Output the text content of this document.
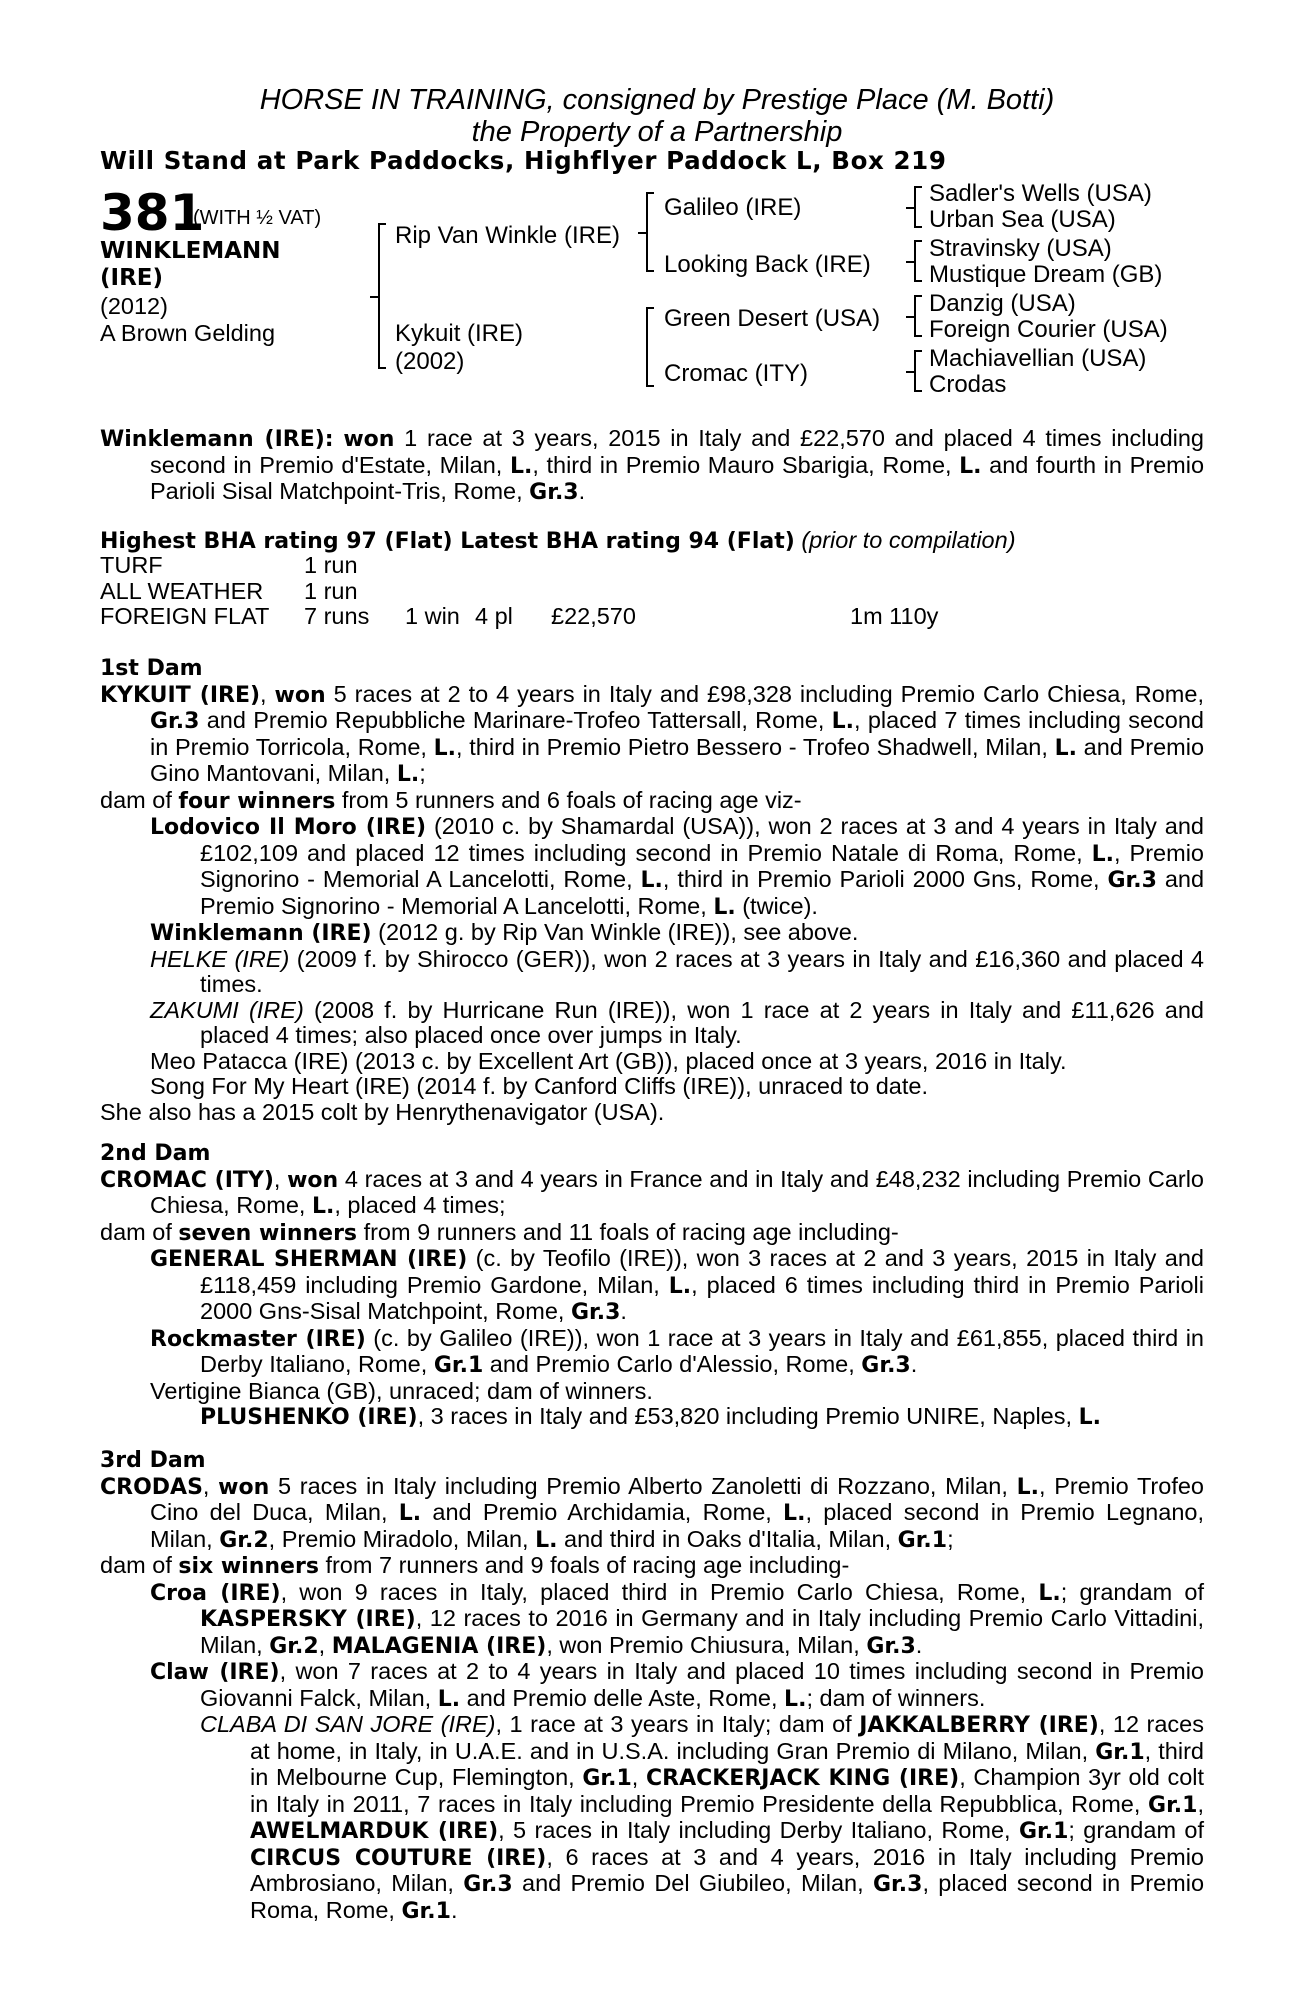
HORSE IN TRAINING, consigned by Prestige Place (M. Botti)
the Property of a Partnership
Will Stand at Park Paddocks, Highflyer Paddock L, Box 219
381
(WITH ½ VAT)
WINKLEMANN
(IRE)
(2012)
A Brown Gelding
Rip Van Winkle (IRE)
Kykuit (IRE)
(2002)
Galileo (IRE)
Looking Back (IRE)
Green Desert (USA)
Cromac (ITY)
Sadler's Wells (USA)
Urban Sea (USA)
Stravinsky (USA)
Mustique Dream (GB)
Danzig (USA)
Foreign Courier (USA)
Machiavellian (USA)
Crodas

Winklemann (IRE): won 1 race at 3 years, 2015 in Italy and £22,570 and placed 4 times including second in Premio d'Estate, Milan, L., third in Premio Mauro Sbarigia, Rome, L. and fourth in Premio Parioli Sisal Matchpoint-Tris, Rome, Gr.3.

Highest BHA rating 97 (Flat) Latest BHA rating 94 (Flat) (prior to compilation)
TURF	1 run				
ALL WEATHER	1 run				
FOREIGN FLAT	7 runs	1 win	4 pl	£22,570	1m 110y

1st Dam

KYKUIT (IRE), won 5 races at 2 to 4 years in Italy and £98,328 including Premio Carlo Chiesa, Rome, Gr.3 and Premio Repubbliche Marinare-Trofeo Tattersall, Rome, L., placed 7 times including second in Premio Torricola, Rome, L., third in Premio Pietro Bessero - Trofeo Shadwell, Milan, L. and Premio Gino Mantovani, Milan, L.;

dam of four winners from 5 runners and 6 foals of racing age viz-

Lodovico Il Moro (IRE) (2010 c. by Shamardal (USA)), won 2 races at 3 and 4 years in Italy and £102,109 and placed 12 times including second in Premio Natale di Roma, Rome, L., Premio Signorino - Memorial A Lancelotti, Rome, L., third in Premio Parioli 2000 Gns, Rome, Gr.3 and Premio Signorino - Memorial A Lancelotti, Rome, L. (twice).

Winklemann (IRE) (2012 g. by Rip Van Winkle (IRE)), see above.

HELKE (IRE) (2009 f. by Shirocco (GER)), won 2 races at 3 years in Italy and £16,360 and placed 4 times.

ZAKUMI (IRE) (2008 f. by Hurricane Run (IRE)), won 1 race at 2 years in Italy and £11,626 and placed 4 times; also placed once over jumps in Italy.

Meo Patacca (IRE) (2013 c. by Excellent Art (GB)), placed once at 3 years, 2016 in Italy.

Song For My Heart (IRE) (2014 f. by Canford Cliffs (IRE)), unraced to date.

She also has a 2015 colt by Henrythenavigator (USA).

2nd Dam

CROMAC (ITY), won 4 races at 3 and 4 years in France and in Italy and £48,232 including Premio Carlo Chiesa, Rome, L., placed 4 times;

dam of seven winners from 9 runners and 11 foals of racing age including-

GENERAL SHERMAN (IRE) (c. by Teofilo (IRE)), won 3 races at 2 and 3 years, 2015 in Italy and £118,459 including Premio Gardone, Milan, L., placed 6 times including third in Premio Parioli 2000 Gns-Sisal Matchpoint, Rome, Gr.3.

Rockmaster (IRE) (c. by Galileo (IRE)), won 1 race at 3 years in Italy and £61,855, placed third in Derby Italiano, Rome, Gr.1 and Premio Carlo d'Alessio, Rome, Gr.3.

Vertigine Bianca (GB), unraced; dam of winners.

PLUSHENKO (IRE), 3 races in Italy and £53,820 including Premio UNIRE, Naples, L.

3rd Dam

CRODAS, won 5 races in Italy including Premio Alberto Zanoletti di Rozzano, Milan, L., Premio Trofeo Cino del Duca, Milan, L. and Premio Archidamia, Rome, L., placed second in Premio Legnano, Milan, Gr.2, Premio Miradolo, Milan, L. and third in Oaks d'Italia, Milan, Gr.1;

dam of six winners from 7 runners and 9 foals of racing age including-

Croa (IRE), won 9 races in Italy, placed third in Premio Carlo Chiesa, Rome, L.; grandam of KASPERSKY (IRE), 12 races to 2016 in Germany and in Italy including Premio Carlo Vittadini, Milan, Gr.2, MALAGENIA (IRE), won Premio Chiusura, Milan, Gr.3.

Claw (IRE), won 7 races at 2 to 4 years in Italy and placed 10 times including second in Premio Giovanni Falck, Milan, L. and Premio delle Aste, Rome, L.; dam of winners.

CLABA DI SAN JORE (IRE), 1 race at 3 years in Italy; dam of JAKKALBERRY (IRE), 12 races at home, in Italy, in U.A.E. and in U.S.A. including Gran Premio di Milano, Milan, Gr.1, third in Melbourne Cup, Flemington, Gr.1, CRACKERJACK KING (IRE), Champion 3yr old colt in Italy in 2011, 7 races in Italy including Premio Presidente della Repubblica, Rome, Gr.1, AWELMARDUK (IRE), 5 races in Italy including Derby Italiano, Rome, Gr.1; grandam of CIRCUS COUTURE (IRE), 6 races at 3 and 4 years, 2016 in Italy including Premio Ambrosiano, Milan, Gr.3 and Premio Del Giubileo, Milan, Gr.3, placed second in Premio Roma, Rome, Gr.1.
